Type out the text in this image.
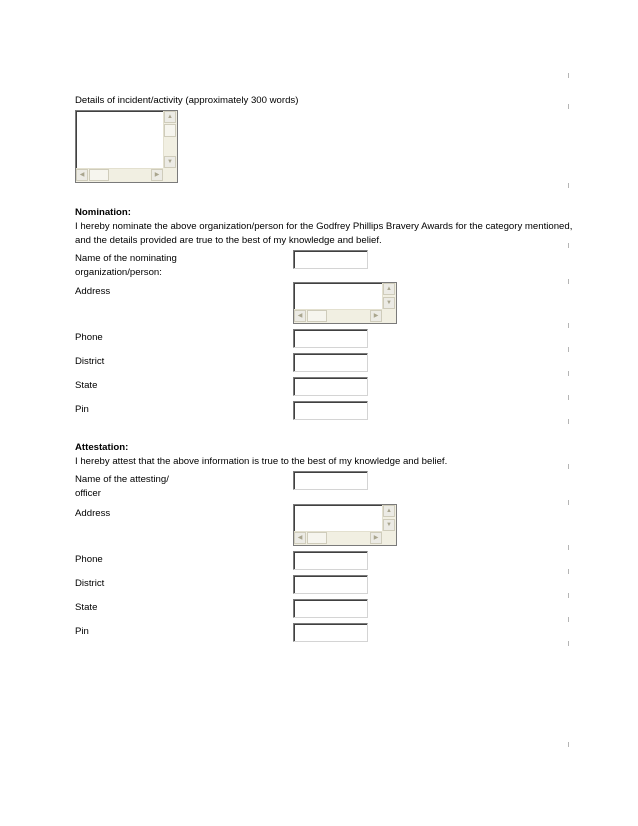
Details of incident/activity (approximately 300 words)
▲
▼
◀	▶
Nomination:
I hereby nominate the above organization/person for the Godfrey Phillips Bravery Awards for the category mentioned,
and the details provided are true to the best of my knowledge and belief.
Name of the nominating
organization/person:
Address	▲
▼
◀	▶
Phone
District
State
Pin
Attestation:
I hereby attest that the above information is true to the best of my knowledge and belief.
Name of the attesting/
officer
Address	▲
▼
◀	▶
Phone
District
State
Pin
